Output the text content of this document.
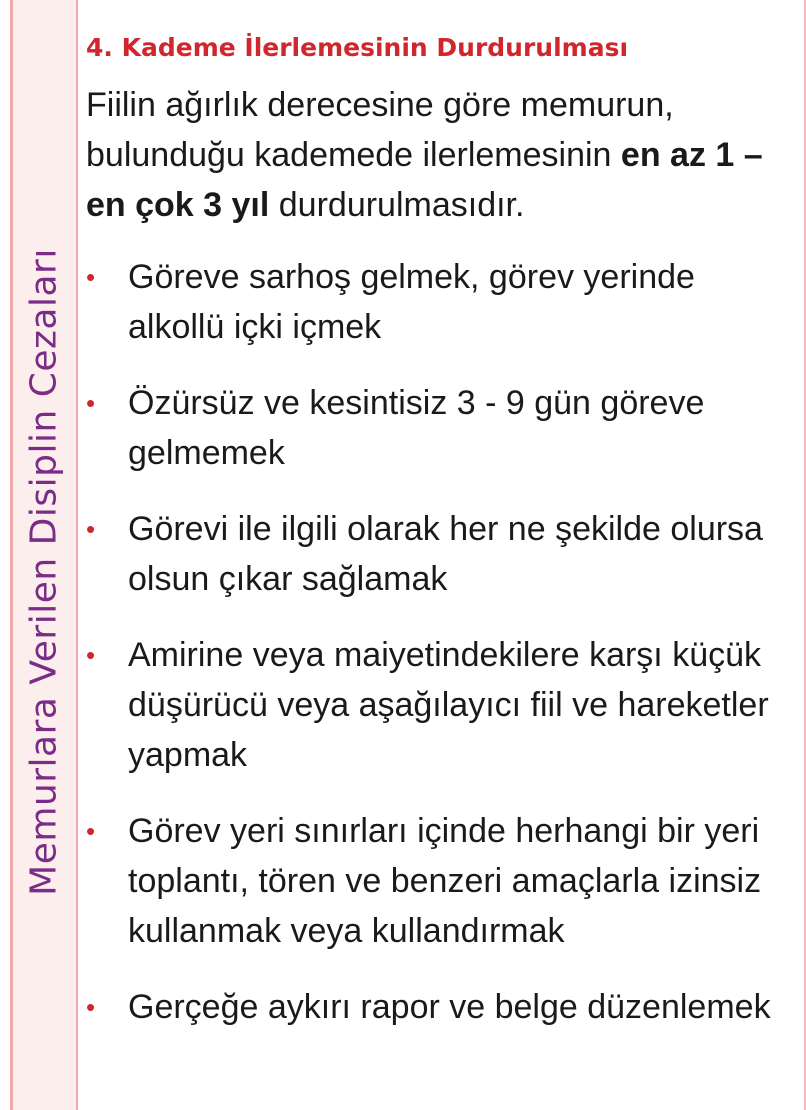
Memurlara Verilen Disiplin Cezaları
4. Kademe İlerlemesinin Durdurulması

Fiilin ağırlık derecesine göre memurun, bulunduğu kademede ilerlemesinin en az 1 – en çok 3 yıl durdurulmasıdır.

• Göreve sarhoş gelmek, görev yerinde alkollü içki içmek
• Özürsüz ve kesintisiz 3 - 9 gün göreve gelmemek
• Görevi ile ilgili olarak her ne şekilde olursa olsun çıkar sağlamak
• Amirine veya maiyetindekilere karşı küçük düşürücü veya aşağılayıcı fiil ve hareketler yapmak
• Görev yeri sınırları içinde herhangi bir yeri toplantı, tören ve benzeri amaçlarla izinsiz kullanmak veya kullandırmak
• Gerçeğe aykırı rapor ve belge düzenlemek
